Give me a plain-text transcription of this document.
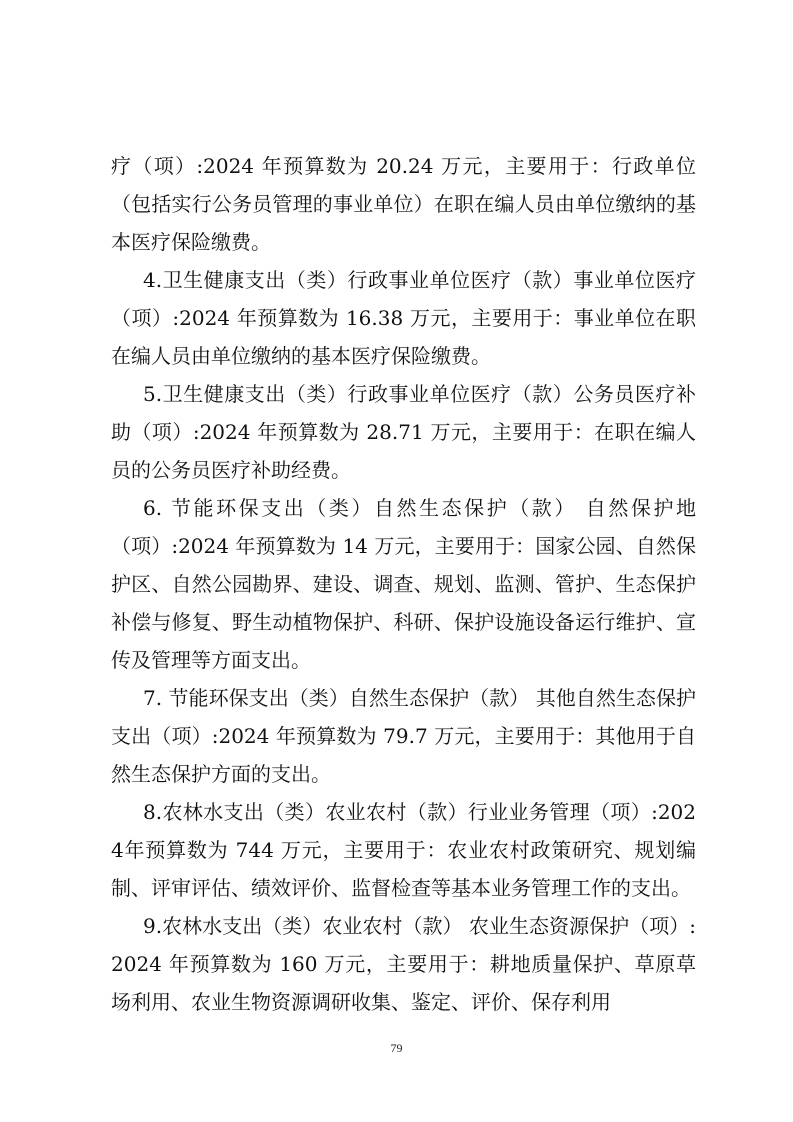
疗（项）:2024 年预算数为 20.24 万元，主要用于：行政单位（包括实行公务员管理的事业单位）在职在编人员由单位缴纳的基本医疗保险缴费。

4.卫生健康支出（类）行政事业单位医疗（款）事业单位医疗（项）:2024 年预算数为 16.38 万元，主要用于：事业单位在职在编人员由单位缴纳的基本医疗保险缴费。

5.卫生健康支出（类）行政事业单位医疗（款）公务员医疗补助（项）:2024 年预算数为 28.71 万元，主要用于：在职在编人员的公务员医疗补助经费。

6. 节能环保支出（类）自然生态保护（款） 自然保护地（项）:2024 年预算数为 14 万元，主要用于：国家公园、自然保护区、自然公园勘界、建设、调查、规划、监测、管护、生态保护补偿与修复、野生动植物保护、科研、保护设施设备运行维护、宣传及管理等方面支出。

7. 节能环保支出（类）自然生态保护（款） 其他自然生态保护支出（项）:2024 年预算数为 79.7 万元，主要用于：其他用于自然生态保护方面的支出。

8.农林水支出（类）农业农村（款）行业业务管理（项）:2024年预算数为 744 万元，主要用于：农业农村政策研究、规划编制、评审评估、绩效评价、监督检查等基本业务管理工作的支出。

9.农林水支出（类）农业农村（款） 农业生态资源保护（项）:2024 年预算数为 160 万元，主要用于：耕地质量保护、草原草场利用、农业生物资源调研收集、鉴定、评价、保存利用

79
